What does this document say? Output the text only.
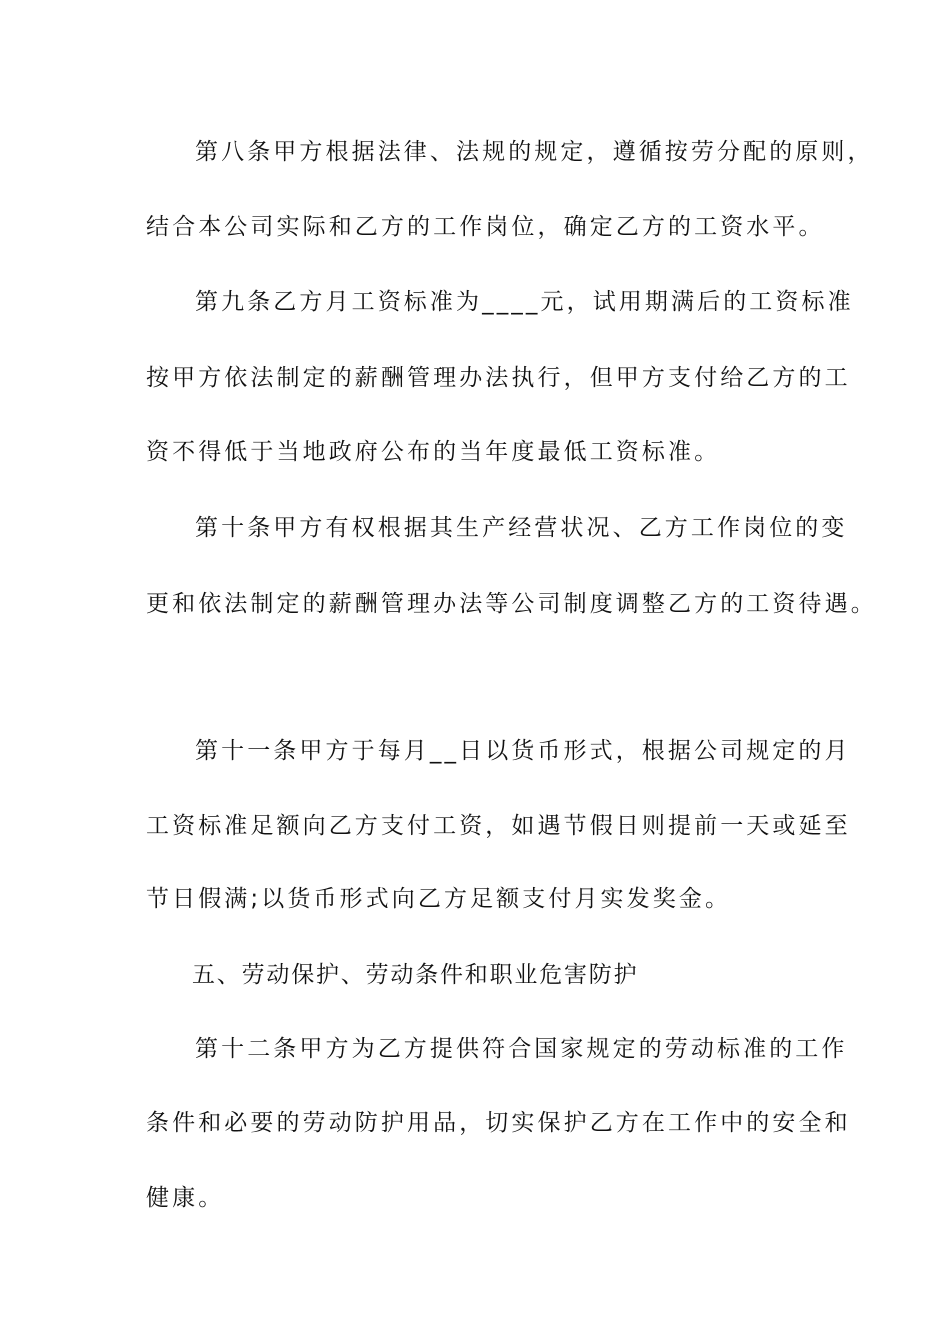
第八条甲方根据法律、法规的规定，遵循按劳分配的原则，
结合本公司实际和乙方的工作岗位，确定乙方的工资水平。
第九条乙方月工资标准为____元，试用期满后的工资标准
按甲方依法制定的薪酬管理办法执行，但甲方支付给乙方的工
资不得低于当地政府公布的当年度最低工资标准。
第十条甲方有权根据其生产经营状况、乙方工作岗位的变
更和依法制定的薪酬管理办法等公司制度调整乙方的工资待遇。
第十一条甲方于每月__日以货币形式，根据公司规定的月
工资标准足额向乙方支付工资，如遇节假日则提前一天或延至
节日假满;以货币形式向乙方足额支付月实发奖金。
五、劳动保护、劳动条件和职业危害防护
第十二条甲方为乙方提供符合国家规定的劳动标准的工作
条件和必要的劳动防护用品，切实保护乙方在工作中的安全和
健康。
